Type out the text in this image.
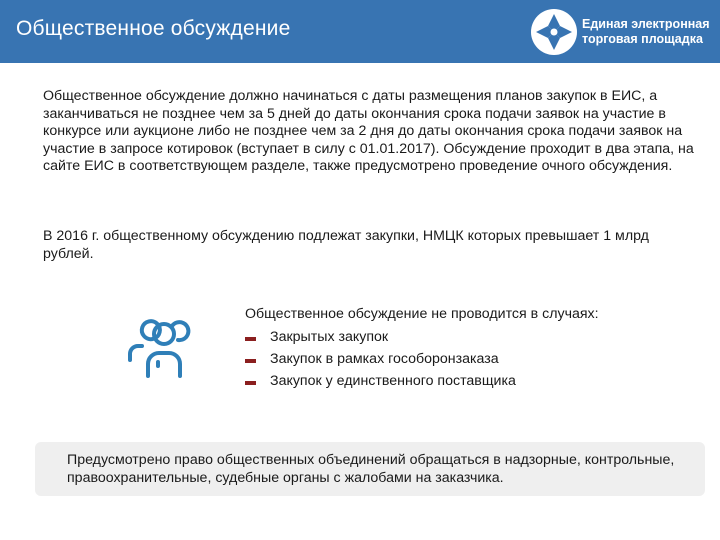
Общественное обсуждение	Единая электронная
торговая площадка

Общественное обсуждение должно начинаться с даты размещения планов закупок в ЕИС, а заканчиваться не позднее чем за 5 дней до даты окончания срока подачи заявок на участие в конкурсе или аукционе либо не позднее чем за 2 дня до даты окончания срока подачи заявок на участие в запросе котировок (вступает в силу с 01.01.2017). Обсуждение проходит в два этапа, на сайте ЕИС в соответствующем разделе, также предусмотрено проведение очного обсуждения.

В 2016 г. общественному обсуждению подлежат закупки, НМЦК которых превышает 1 млрд рублей.

Общественное обсуждение не проводится в случаях:
Закрытых закупок
Закупок в рамках гособоронзаказа
Закупок у единственного поставщика
Предусмотрено право общественных объединений обращаться в надзорные, контрольные, правоохранительные, судебные органы с жалобами на заказчика.
